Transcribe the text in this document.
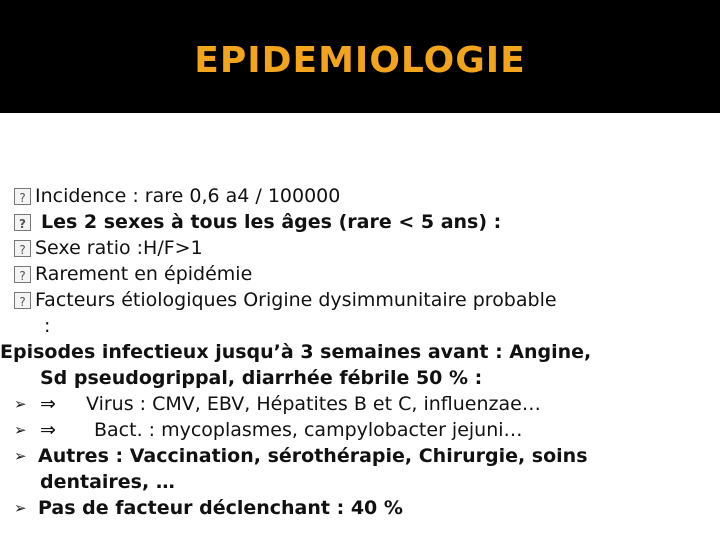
EPIDEMIOLOGIE
?Incidence : rare 0,6 a4 / 100000
?Les 2 sexes à tous les âges (rare < 5 ans) :
?Sexe ratio :H/F>1
?Rarement en épidémie
?Facteurs étiologiques Origine dysimmunitaire probable
:
Episodes infectieux jusqu’à 3 semaines avant : Angine,
Sd pseudogrippal, diarrhée fébrile 50 % :
➢ ⇒ Virus : CMV, EBV, Hépatites B et C, influenzae…
➢ ⇒ Bact. : mycoplasmes, campylobacter jejuni…
➢ Autres : Vaccination, sérothérapie, Chirurgie, soins
dentaires, …
➢ Pas de facteur déclenchant : 40 %
